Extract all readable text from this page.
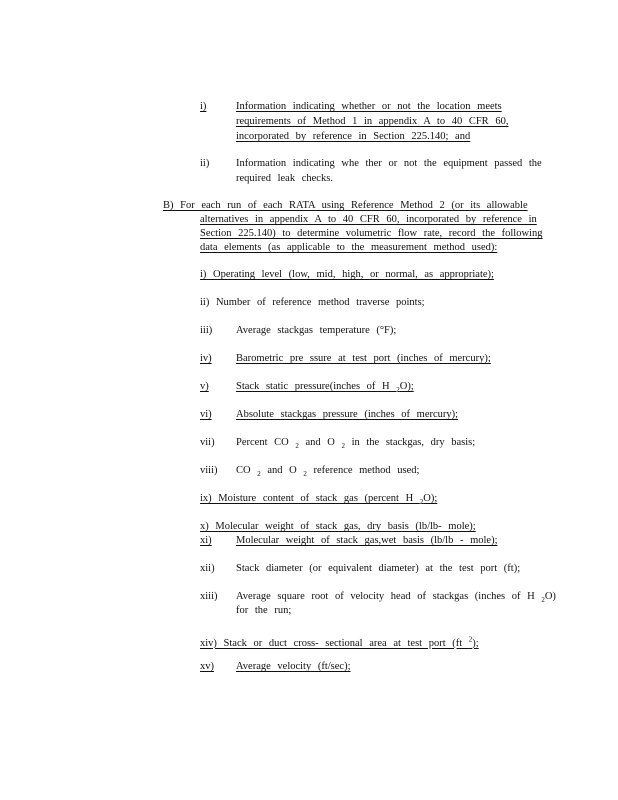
i)	Information indicating whether or not the location meets
requirements of Method 1 in appendix A to 40 CFR 60,
incorporated by reference in Section 225.140; and
ii)	Information indicating whe ther or not the equipment passed the
required leak checks.
B) For each run of each RATA using Reference Method 2 (or its allowable
alternatives in appendix A to 40 CFR 60, incorporated by reference in
Section 225.140) to determine volumetric flow rate, record the following
data elements (as applicable to the measurement method used):
i) Operating level (low, mid, high, or normal, as appropriate);
ii) Number of reference method traverse points;
iii)	Average stackgas temperature (°F);
iv)	Barometric pre ssure at test port (inches of mercury);
v)	Stack static pressure(inches of H $_2$O);
vi)	Absolute stackgas pressure (inches of mercury);
vii)	Percent CO $_2$ and O $_2$ in the stackgas, dry basis;
viii)	CO $_2$ and O $_2$ reference method used;
ix) Moisture content of stack gas (percent H $_2$O);
x) Molecular weight of stack gas, dry basis (lb/lb- mole);
xi)	Molecular weight of stack gas,wet basis (lb/lb - mole);
xii)	Stack diameter (or equivalent diameter) at the test port (ft);
xiii)	Average square root of velocity head of stackgas (inches of H $_2$O)
for the run;
xiv) Stack or duct cross- sectional area at test port (ft $^2$);
xv)	Average velocity (ft/sec);
